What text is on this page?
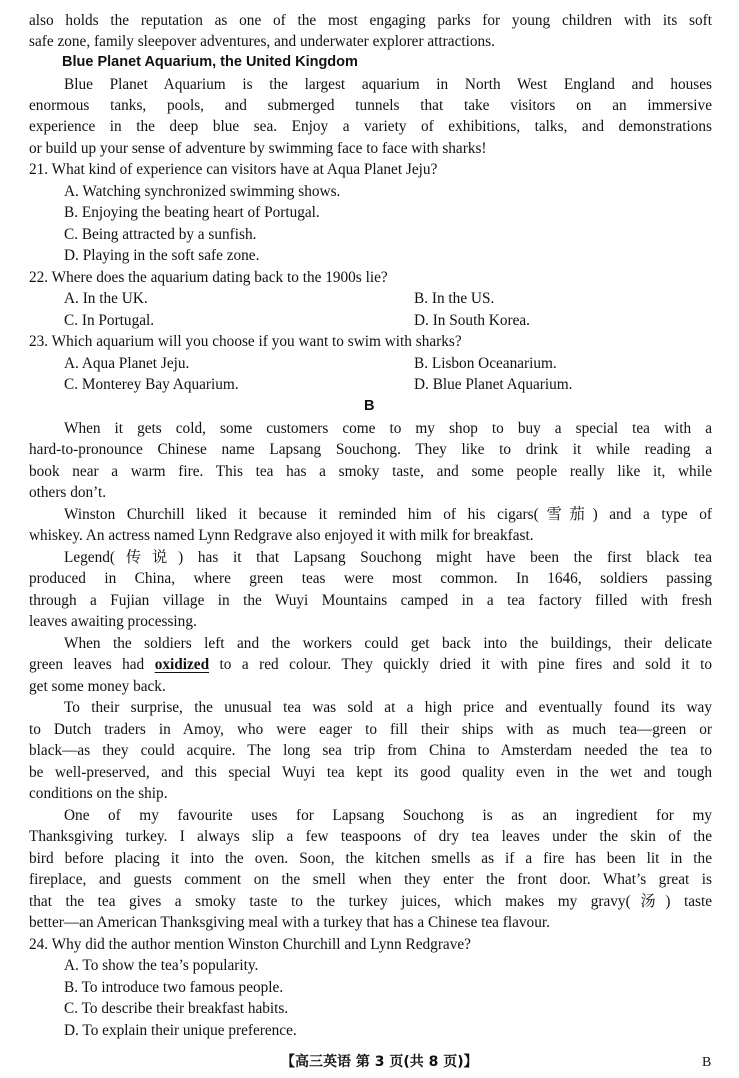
also holds the reputation as one of the most engaging parks for young children with its soft
safe zone, family sleepover adventures, and underwater explorer attractions.
Blue Planet Aquarium, the United Kingdom
Blue Planet Aquarium is the largest aquarium in North West England and houses
enormous tanks, pools, and submerged tunnels that take visitors on an immersive
experience in the deep blue sea. Enjoy a variety of exhibitions, talks, and demonstrations
or build up your sense of adventure by swimming face to face with sharks!
21. What kind of experience can visitors have at Aqua Planet Jeju?
A. Watching synchronized swimming shows.
B. Enjoying the beating heart of Portugal.
C. Being attracted by a sunfish.
D. Playing in the soft safe zone.
22. Where does the aquarium dating back to the 1900s lie?
A. In the UK.	B. In the US.
C. In Portugal.	D. In South Korea.
23. Which aquarium will you choose if you want to swim with sharks?
A. Aqua Planet Jeju.	B. Lisbon Oceanarium.
C. Monterey Bay Aquarium.	D. Blue Planet Aquarium.
B
When it gets cold, some customers come to my shop to buy a special tea with a
hard-to-pronounce Chinese name Lapsang Souchong. They like to drink it while reading a
book near a warm fire. This tea has a smoky taste, and some people really like it, while
others don’t.
Winston Churchill liked it because it reminded him of his cigars(雪茄) and a type of
whiskey. An actress named Lynn Redgrave also enjoyed it with milk for breakfast.
Legend(传说) has it that Lapsang Souchong might have been the first black tea
produced in China, where green teas were most common. In 1646, soldiers passing
through a Fujian village in the Wuyi Mountains camped in a tea factory filled with fresh
leaves awaiting processing.
When the soldiers left and the workers could get back into the buildings, their delicate
green leaves had oxidized to a red colour. They quickly dried it with pine fires and sold it to
get some money back.
To their surprise, the unusual tea was sold at a high price and eventually found its way
to Dutch traders in Amoy, who were eager to fill their ships with as much tea—green or
black—as they could acquire. The long sea trip from China to Amsterdam needed the tea to
be well-preserved, and this special Wuyi tea kept its good quality even in the wet and tough
conditions on the ship.
One of my favourite uses for Lapsang Souchong is as an ingredient for my
Thanksgiving turkey. I always slip a few teaspoons of dry tea leaves under the skin of the
bird before placing it into the oven. Soon, the kitchen smells as if a fire has been lit in the
fireplace, and guests comment on the smell when they enter the front door. What’s great is
that the tea gives a smoky taste to the turkey juices, which makes my gravy(汤) taste
better—an American Thanksgiving meal with a turkey that has a Chinese tea flavour.
24. Why did the author mention Winston Churchill and Lynn Redgrave?
A. To show the tea’s popularity.
B. To introduce two famous people.
C. To describe their breakfast habits.
D. To explain their unique preference.
【高三英语 第 3 页(共 8 页)】	B
